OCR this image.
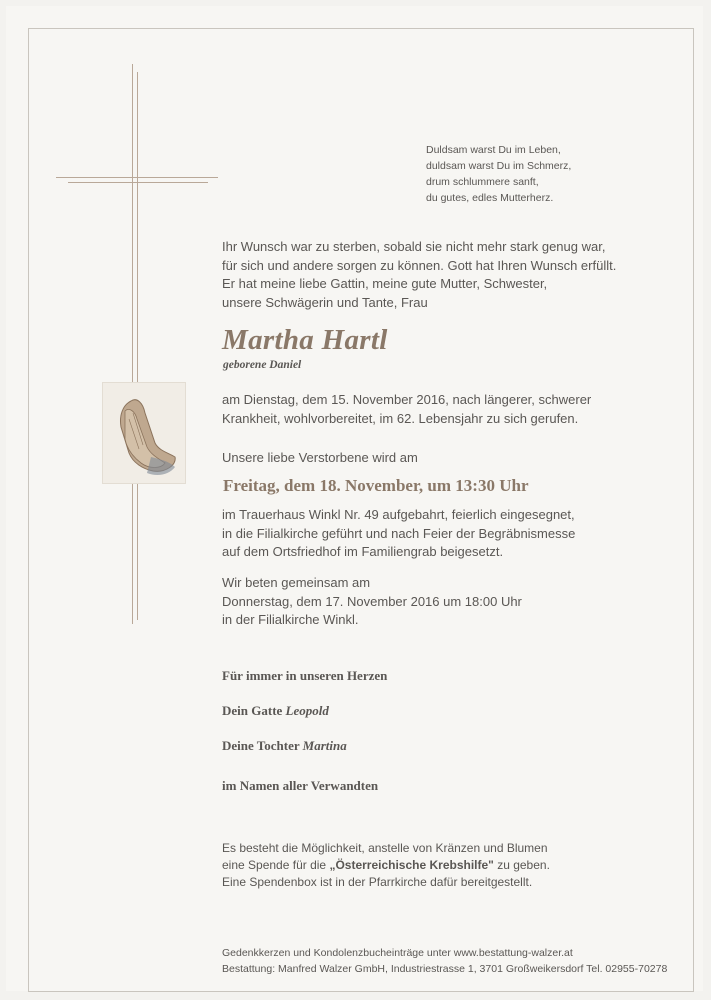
Duldsam warst Du im Leben,

duldsam warst Du im Schmerz,

drum schlummere sanft,

du gutes, edles Mutterherz.

Ihr Wunsch war zu sterben, sobald sie nicht mehr stark genug war,

für sich und andere sorgen zu können. Gott hat Ihren Wunsch erfüllt.

Er hat meine liebe Gattin, meine gute Mutter, Schwester,

unsere Schwägerin und Tante, Frau

Martha Hartl
geborene Daniel

am Dienstag, dem 15. November 2016, nach längerer, schwerer

Krankheit, wohlvorbereitet, im 62. Lebensjahr zu sich gerufen.

Unsere liebe Verstorbene wird am
Freitag, dem 18. November, um 13:30 Uhr

im Trauerhaus Winkl Nr. 49 aufgebahrt, feierlich eingesegnet,

in die Filialkirche geführt und nach Feier der Begräbnismesse

auf dem Ortsfriedhof im Familiengrab beigesetzt.

Wir beten gemeinsam am

Donnerstag, dem 17. November 2016 um 18:00 Uhr

in der Filialkirche Winkl.

Für immer in unseren Herzen
Dein Gatte Leopold
Deine Tochter Martina
im Namen aller Verwandten

Es besteht die Möglichkeit, anstelle von Kränzen und Blumen

eine Spende für die „Österreichische Krebshilfe" zu geben.

Eine Spendenbox ist in der Pfarrkirche dafür bereitgestellt.

Gedenkkerzen und Kondolenzbucheinträge unter www.bestattung-walzer.at

Bestattung: Manfred Walzer GmbH, Industriestrasse 1, 3701 Großweikersdorf Tel. 02955-70278
